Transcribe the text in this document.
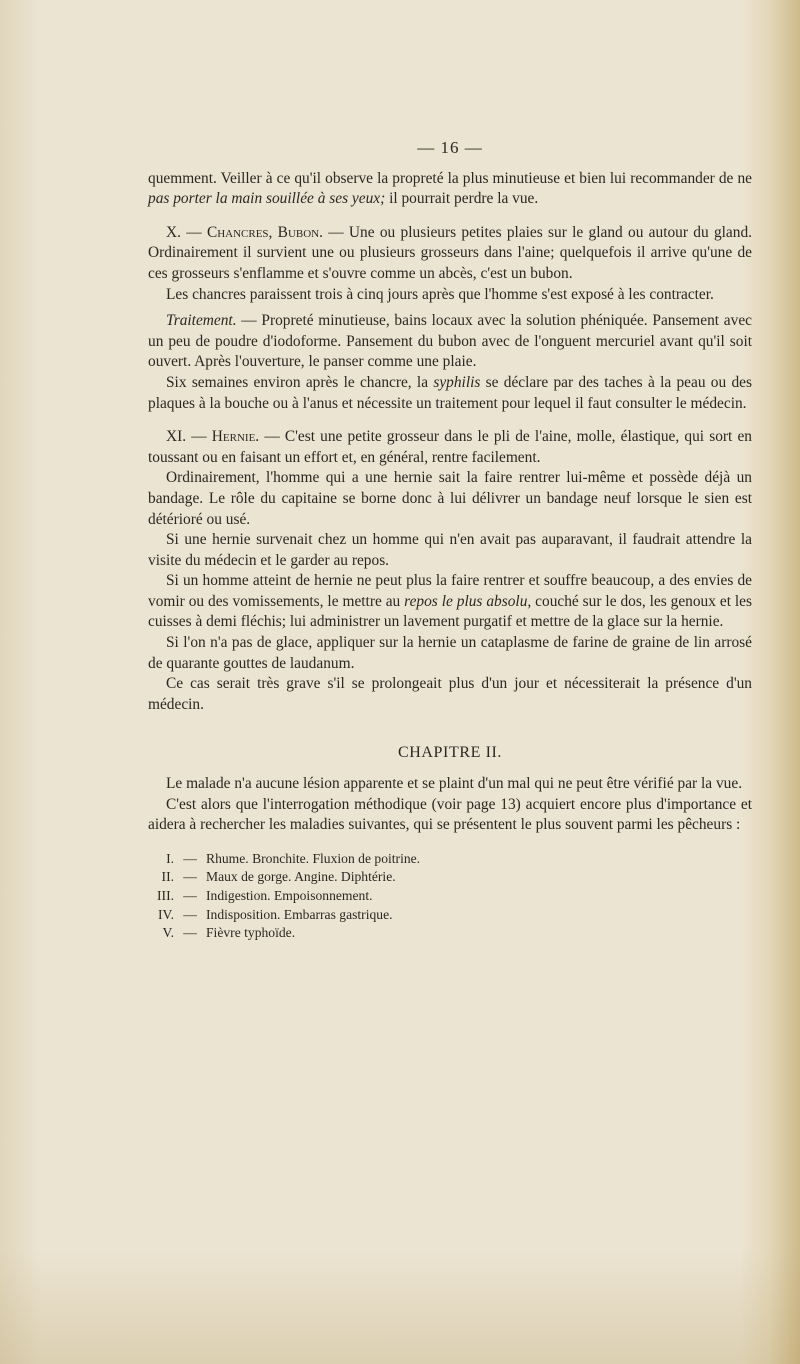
— 16 —

quemment. Veiller à ce qu'il observe la propreté la plus minutieuse et bien lui recommander de ne pas porter la main souillée à ses yeux; il pourrait perdre la vue.

X. — Chancres, Bubon. — Une ou plusieurs petites plaies sur le gland ou autour du gland. Ordinairement il survient une ou plusieurs grosseurs dans l'aine; quelquefois il arrive qu'une de ces grosseurs s'enflamme et s'ouvre comme un abcès, c'est un bubon.

Les chancres paraissent trois à cinq jours après que l'homme s'est exposé à les contracter.

Traitement. — Propreté minutieuse, bains locaux avec la solution phéniquée. Pansement avec un peu de poudre d'iodoforme. Pansement du bubon avec de l'onguent mercuriel avant qu'il soit ouvert. Après l'ouverture, le panser comme une plaie.

Six semaines environ après le chancre, la syphilis se déclare par des taches à la peau ou des plaques à la bouche ou à l'anus et nécessite un traitement pour lequel il faut consulter le médecin.

XI. — Hernie. — C'est une petite grosseur dans le pli de l'aine, molle, élastique, qui sort en toussant ou en faisant un effort et, en général, rentre facilement.

Ordinairement, l'homme qui a une hernie sait la faire rentrer lui-même et possède déjà un bandage. Le rôle du capitaine se borne donc à lui délivrer un bandage neuf lorsque le sien est détérioré ou usé.

Si une hernie survenait chez un homme qui n'en avait pas auparavant, il faudrait attendre la visite du médecin et le garder au repos.

Si un homme atteint de hernie ne peut plus la faire rentrer et souffre beaucoup, a des envies de vomir ou des vomissements, le mettre au repos le plus absolu, couché sur le dos, les genoux et les cuisses à demi fléchis; lui administrer un lavement purgatif et mettre de la glace sur la hernie.

Si l'on n'a pas de glace, appliquer sur la hernie un cataplasme de farine de graine de lin arrosé de quarante gouttes de laudanum.

Ce cas serait très grave s'il se prolongeait plus d'un jour et nécessiterait la présence d'un médecin.

CHAPITRE II.

Le malade n'a aucune lésion apparente et se plaint d'un mal qui ne peut être vérifié par la vue.

C'est alors que l'interrogation méthodique (voir page 13) acquiert encore plus d'importance et aidera à rechercher les maladies suivantes, qui se présentent le plus souvent parmi les pêcheurs :

I. — Rhume. Bronchite. Fluxion de poitrine.
II. — Maux de gorge. Angine. Diphtérie.
III. — Indigestion. Empoisonnement.
IV. — Indisposition. Embarras gastrique.
V. — Fièvre typhoïde.
